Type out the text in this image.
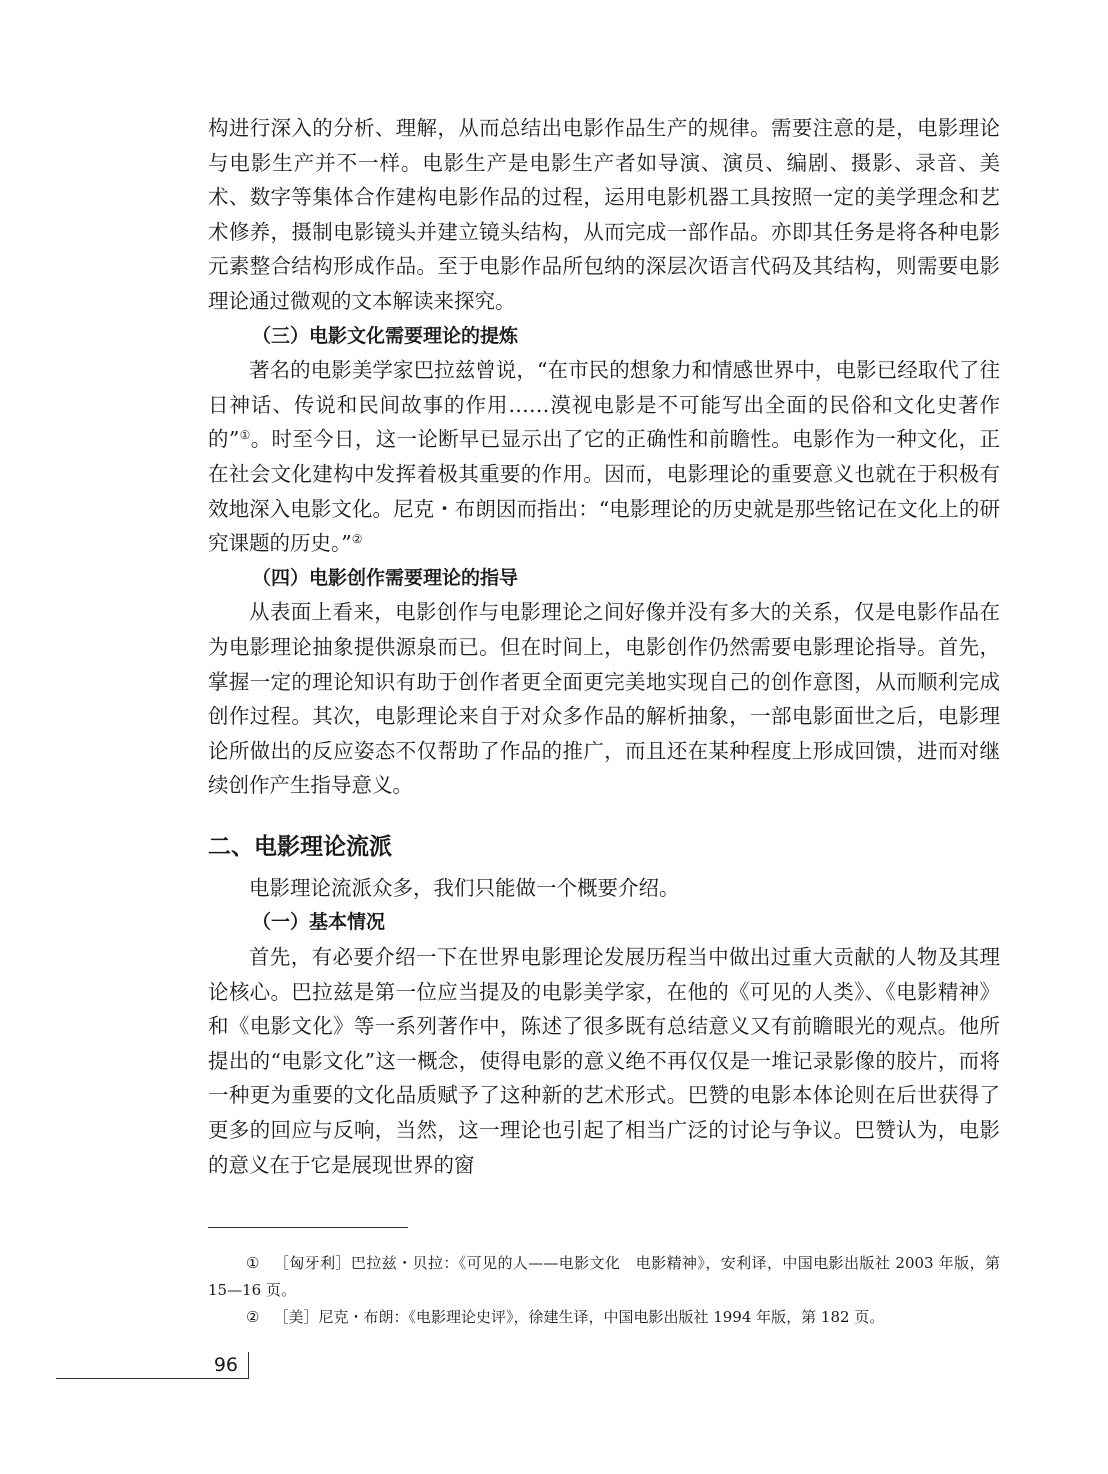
构进行深入的分析、理解，从而总结出电影作品生产的规律。需要注意的是，电影理论与电影生产并不一样。电影生产是电影生产者如导演、演员、编剧、摄影、录音、美术、数字等集体合作建构电影作品的过程，运用电影机器工具按照一定的美学理念和艺术修养，摄制电影镜头并建立镜头结构，从而完成一部作品。亦即其任务是将各种电影元素整合结构形成作品。至于电影作品所包纳的深层次语言代码及其结构，则需要电影理论通过微观的文本解读来探究。

（三）电影文化需要理论的提炼

著名的电影美学家巴拉兹曾说，“在市民的想象力和情感世界中，电影已经取代了往日神话、传说和民间故事的作用……漠视电影是不可能写出全面的民俗和文化史著作的”①。时至今日，这一论断早已显示出了它的正确性和前瞻性。电影作为一种文化，正在社会文化建构中发挥着极其重要的作用。因而，电影理论的重要意义也就在于积极有效地深入电影文化。尼克・布朗因而指出：“电影理论的历史就是那些铭记在文化上的研究课题的历史。”②

（四）电影创作需要理论的指导

从表面上看来，电影创作与电影理论之间好像并没有多大的关系，仅是电影作品在为电影理论抽象提供源泉而已。但在时间上，电影创作仍然需要电影理论指导。首先，掌握一定的理论知识有助于创作者更全面更完美地实现自己的创作意图，从而顺利完成创作过程。其次，电影理论来自于对众多作品的解析抽象，一部电影面世之后，电影理论所做出的反应姿态不仅帮助了作品的推广，而且还在某种程度上形成回馈，进而对继续创作产生指导意义。

二、电影理论流派

电影理论流派众多，我们只能做一个概要介绍。

（一）基本情况

首先，有必要介绍一下在世界电影理论发展历程当中做出过重大贡献的人物及其理论核心。巴拉兹是第一位应当提及的电影美学家，在他的《可见的人类》、《电影精神》和《电影文化》等一系列著作中，陈述了很多既有总结意义又有前瞻眼光的观点。他所提出的“电影文化”这一概念，使得电影的意义绝不再仅仅是一堆记录影像的胶片，而将一种更为重要的文化品质赋予了这种新的艺术形式。巴赞的电影本体论则在后世获得了更多的回应与反响，当然，这一理论也引起了相当广泛的讨论与争议。巴赞认为，电影的意义在于它是展现世界的窗

① ［匈牙利］巴拉兹・贝拉：《可见的人——电影文化　电影精神》，安利译，中国电影出版社 2003 年版，第 15—16 页。
② ［美］尼克・布朗：《电影理论史评》，徐建生译，中国电影出版社 1994 年版，第 182 页。
96
